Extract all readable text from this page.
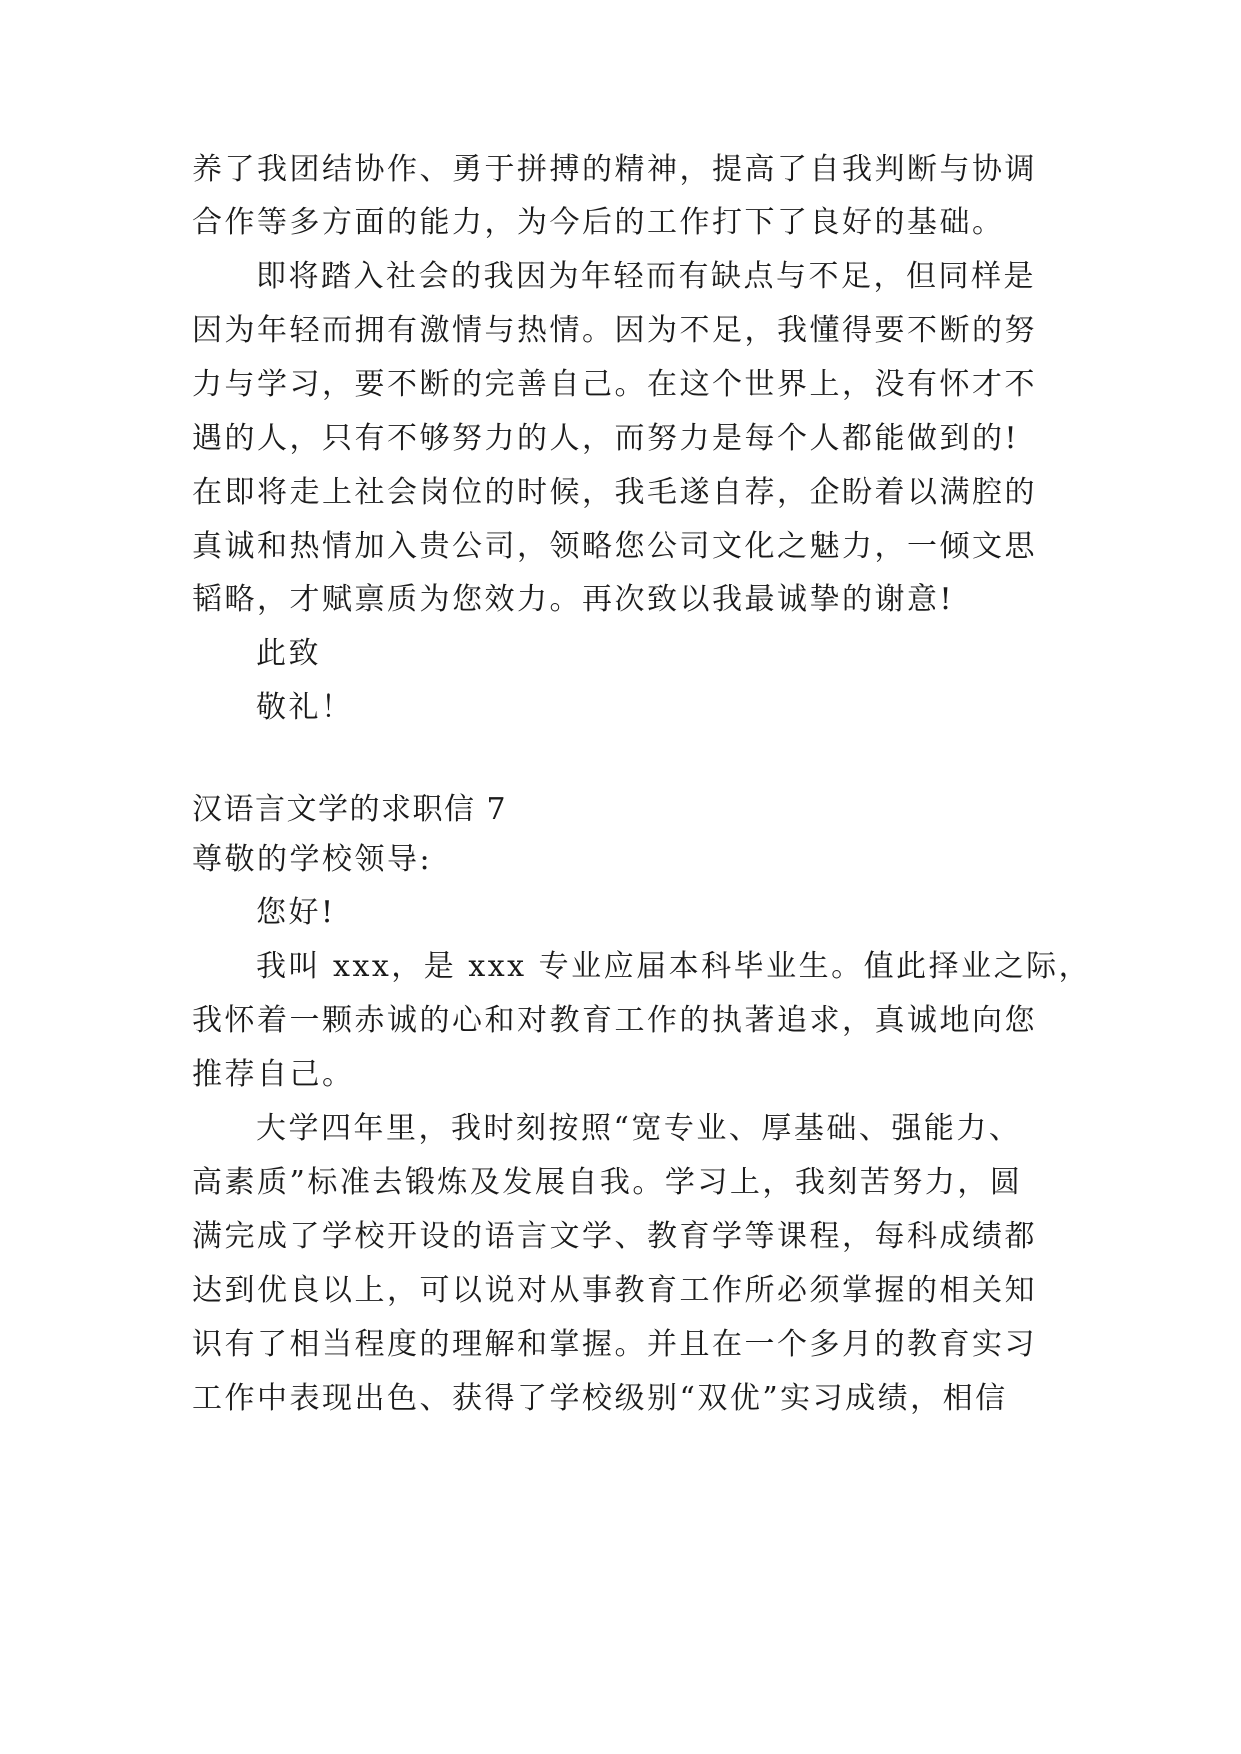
养了我团结协作、勇于拼搏的精神，提高了自我判断与协调
合作等多方面的能力，为今后的工作打下了良好的基础。
即将踏入社会的我因为年轻而有缺点与不足，但同样是
因为年轻而拥有激情与热情。因为不足，我懂得要不断的努
力与学习，要不断的完善自己。在这个世界上，没有怀才不
遇的人，只有不够努力的人，而努力是每个人都能做到的!
在即将走上社会岗位的时候，我毛遂自荐，企盼着以满腔的
真诚和热情加入贵公司，领略您公司文化之魅力，一倾文思
韬略，才赋禀质为您效力。再次致以我最诚挚的谢意!
此致
敬礼！
汉语言文学的求职信 7
尊敬的学校领导:
您好!
我叫 xxx，是 xxx 专业应届本科毕业生。值此择业之际，
我怀着一颗赤诚的心和对教育工作的执著追求，真诚地向您
推荐自己。
大学四年里，我时刻按照“宽专业、厚基础、强能力、
高素质”标准去锻炼及发展自我。学习上，我刻苦努力，圆
满完成了学校开设的语言文学、教育学等课程，每科成绩都
达到优良以上，可以说对从事教育工作所必须掌握的相关知
识有了相当程度的理解和掌握。并且在一个多月的教育实习
工作中表现出色、获得了学校级别“双优”实习成绩，相信
